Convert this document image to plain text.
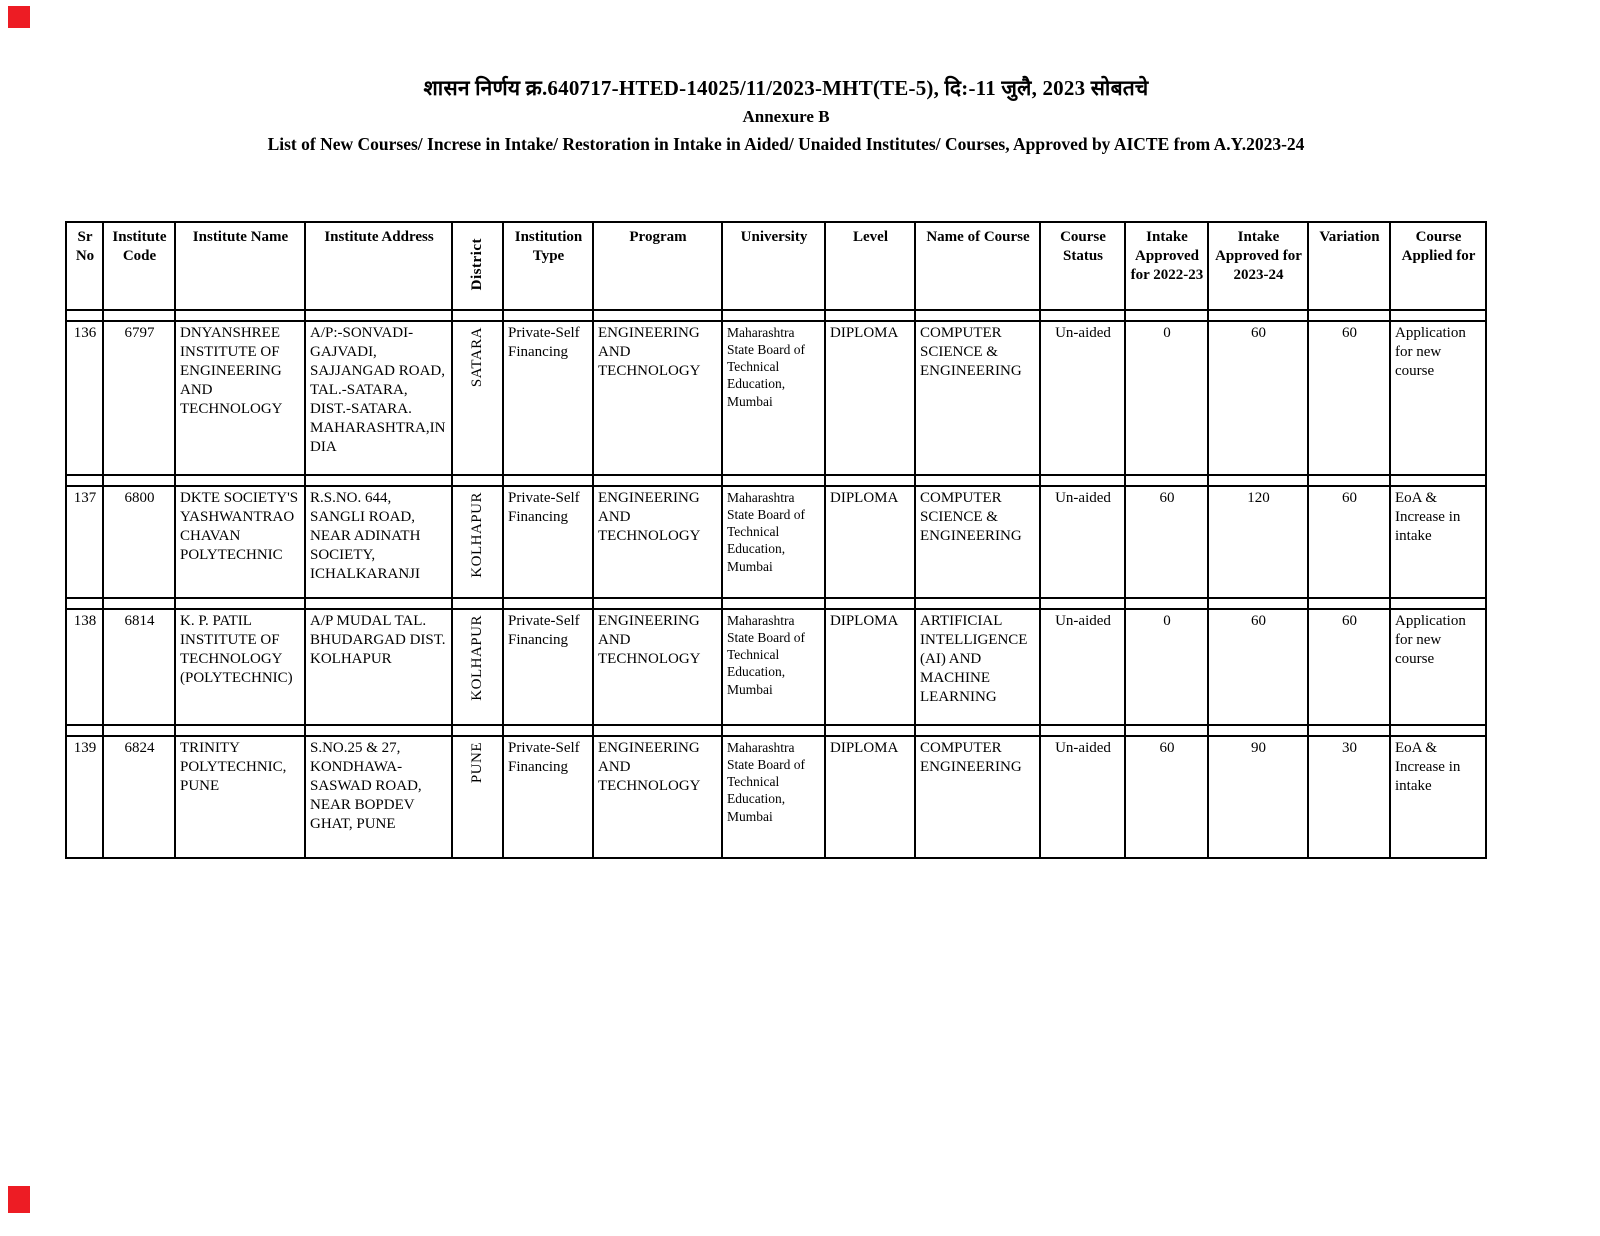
शासन निर्णय क्र.640717-HTED-14025/11/2023-MHT(TE-5), दि:-11 जुलै, 2023 सोबतचे
Annexure B
List of New Courses/ Increse in Intake/ Restoration in Intake in Aided/ Unaided Institutes/ Courses, Approved by AICTE from A.Y.2023-24
Sr No	InstituteCode	Institute Name	Institute Address	District	Institution Type	Program	University	Level	Name of Course	Course Status	Intake Approved for 2022-23	Intake Approved for 2023-24	Variation	Course Applied for

136	6797	DNYANSHREE INSTITUTE OF ENGINEERING AND TECHNOLOGY	A/P:-SONVADI-GAJVADI, SAJJANGAD ROAD, TAL.-SATARA, DIST.-SATARA. MAHARASHTRA,INDIA	SATARA	Private-Self Financing	ENGINEERING AND TECHNOLOGY	Maharashtra State Board of Technical Education, Mumbai	DIPLOMA	COMPUTER SCIENCE & ENGINEERING	Un-aided	0	60	60	Application for new course

137	6800	DKTE SOCIETY'S YASHWANTRAO CHAVAN POLYTECHNIC	R.S.NO. 644, SANGLI ROAD, NEAR ADINATH SOCIETY, ICHALKARANJI	KOLHAPUR	Private-Self Financing	ENGINEERING AND TECHNOLOGY	Maharashtra State Board of Technical Education, Mumbai	DIPLOMA	COMPUTER SCIENCE & ENGINEERING	Un-aided	60	120	60	EoA & Increase in intake

138	6814	K. P. PATIL INSTITUTE OF TECHNOLOGY (POLYTECHNIC)	A/P MUDAL TAL. BHUDARGAD DIST. KOLHAPUR	KOLHAPUR	Private-Self Financing	ENGINEERING AND TECHNOLOGY	Maharashtra State Board of Technical Education, Mumbai	DIPLOMA	ARTIFICIAL INTELLIGENCE (AI) AND MACHINE LEARNING	Un-aided	0	60	60	Application for new course

139	6824	TRINITY POLYTECHNIC, PUNE	S.NO.25 & 27, KONDHAWA-SASWAD ROAD, NEAR BOPDEV GHAT, PUNE	PUNE	Private-Self Financing	ENGINEERING AND TECHNOLOGY	Maharashtra State Board of Technical Education, Mumbai	DIPLOMA	COMPUTER ENGINEERING	Un-aided	60	90	30	EoA & Increase in intake
